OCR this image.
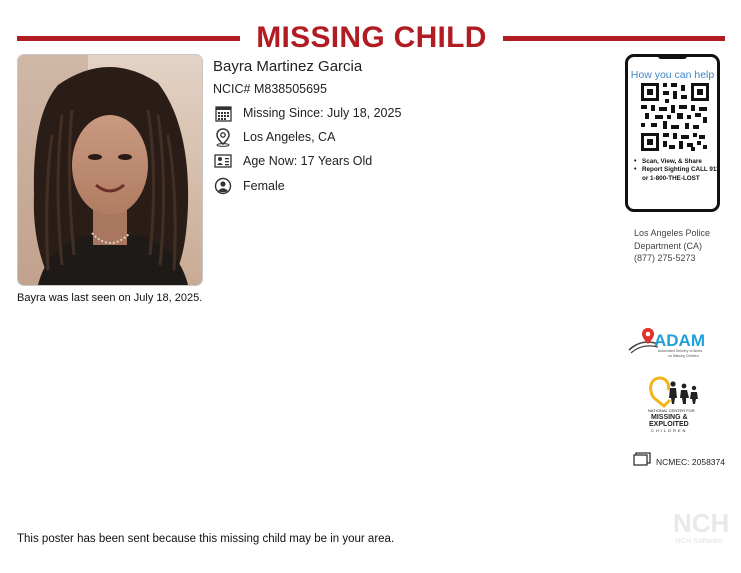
MISSING CHILD
Bayra Martinez Garcia
NCIC# M838505695
Missing Since: July 18, 2025
Los Angeles, CA
Age Now: 17 Years Old
Female
Bayra was last seen on July 18, 2025.
How you can help
• Scan, View, & Share
• Report Sighting CALL 911 or 1-800-THE-LOST
Los Angeles Police
Department (CA)
(877) 275-5273
ADAM
Automated Delivery of Alerts
on Missing Children
NATIONAL CENTER FOR
MISSING &
EXPLOITED
CHILDREN
NCMEC: 2058374
NCH
NCH Software
This poster has been sent because this missing child may be in your area.
